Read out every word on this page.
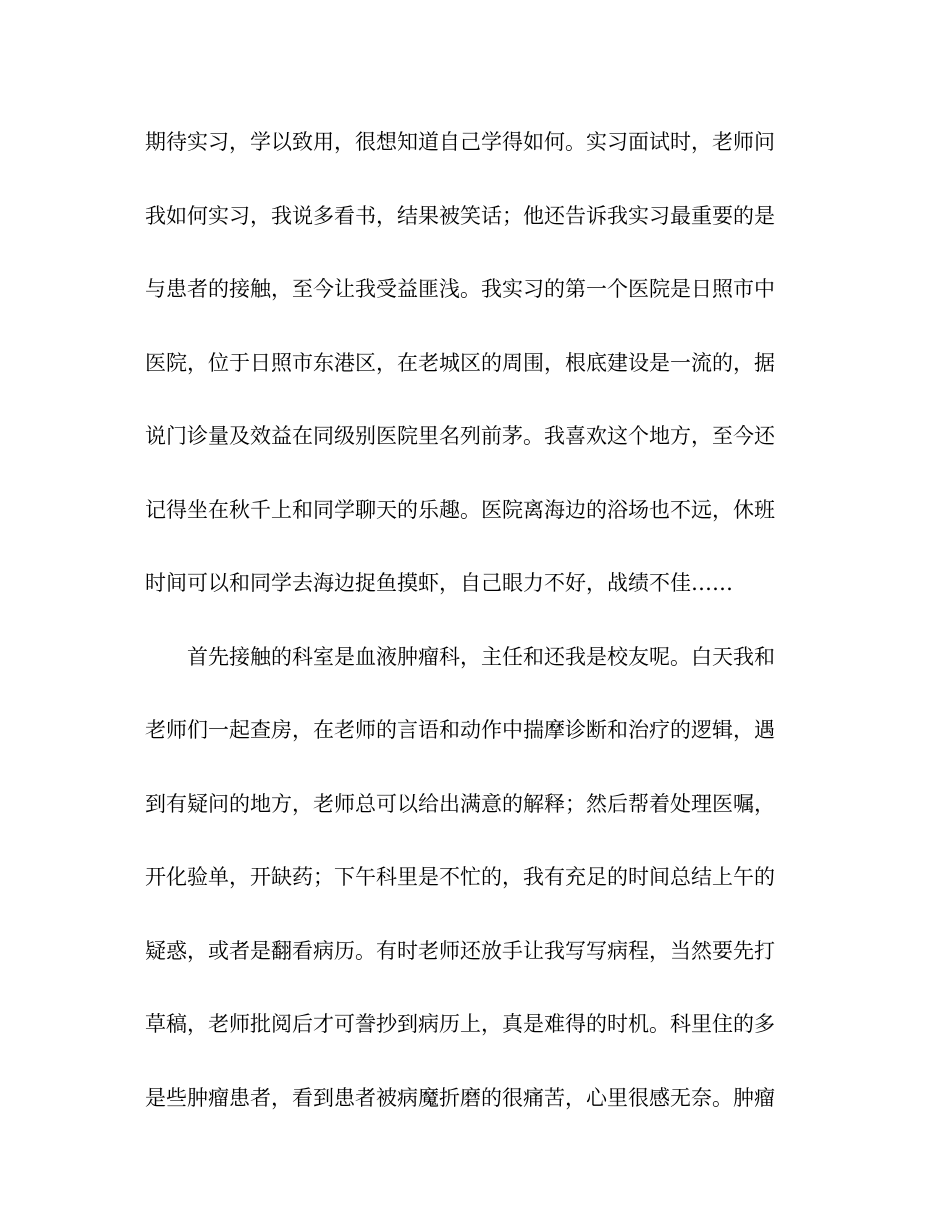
期待实习，学以致用，很想知道自己学得如何。实习面试时，老师问
我如何实习，我说多看书，结果被笑话；他还告诉我实习最重要的是
与患者的接触，至今让我受益匪浅。我实习的第一个医院是日照市中
医院，位于日照市东港区，在老城区的周围，根底建设是一流的，据
说门诊量及效益在同级别医院里名列前茅。我喜欢这个地方，至今还
记得坐在秋千上和同学聊天的乐趣。医院离海边的浴场也不远，休班
时间可以和同学去海边捉鱼摸虾，自己眼力不好，战绩不佳……
首先接触的科室是血液肿瘤科，主任和还我是校友呢。白天我和
老师们一起查房，在老师的言语和动作中揣摩诊断和治疗的逻辑，遇
到有疑问的地方，老师总可以给出满意的解释；然后帮着处理医嘱，
开化验单，开缺药；下午科里是不忙的，我有充足的时间总结上午的
疑惑，或者是翻看病历。有时老师还放手让我写写病程，当然要先打
草稿，老师批阅后才可誊抄到病历上，真是难得的时机。科里住的多
是些肿瘤患者，看到患者被病魔折磨的很痛苦，心里很感无奈。肿瘤
